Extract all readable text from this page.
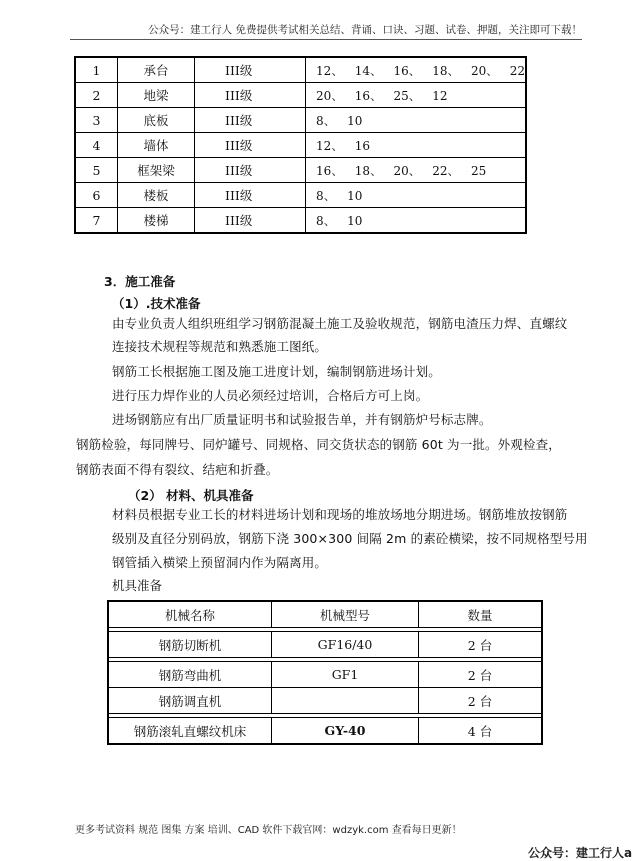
公众号：建工行人 免费提供考试相关总结、背诵、口诀、习题、试卷、押题，关注即可下载！
1	承台	III级	12、   14、   16、   18、   20、   22
2	地梁	III级	20、   16、   25、   12
3	底板	III级	8、   10
4	墙体	III级	12、   16
5	框架梁	III级	16、   18、   20、   22、   25
6	楼板	III级	8、   10
7	楼梯	III级	8、   10
3．施工准备
（1）.技术准备
由专业负责人组织班组学习钢筋混凝土施工及验收规范，钢筋电渣压力焊、直螺纹
连接技术规程等规范和熟悉施工图纸。
钢筋工长根据施工图及施工进度计划，编制钢筋进场计划。
进行压力焊作业的人员必须经过培训，合格后方可上岗。
进场钢筋应有出厂质量证明书和试验报告单，并有钢筋炉号标志牌。
钢筋检验，每同牌号、同炉罐号、同规格、同交货状态的钢筋 60t 为一批。外观检查，
钢筋表面不得有裂纹、结疤和折叠。
（2） 材料、机具准备
材料员根据专业工长的材料进场计划和现场的堆放场地分期进场。钢筋堆放按钢筋
级别及直径分别码放，钢筋下浇 300×300 间隔 2m 的素砼横梁，按不同规格型号用
钢管插入横梁上预留洞内作为隔离用。
机具准备
机械名称	机械型号	数量

钢筋切断机	GF16/40	2 台

钢筋弯曲机	GF1	2 台
钢筋调直机		2 台

钢筋滚轧直螺纹机床	GY-40	4 台
更多考试资料 规范 图集 方案 培训、CAD 软件下载官网：wdzyk.com 查看每日更新！
公众号：建工行人a
